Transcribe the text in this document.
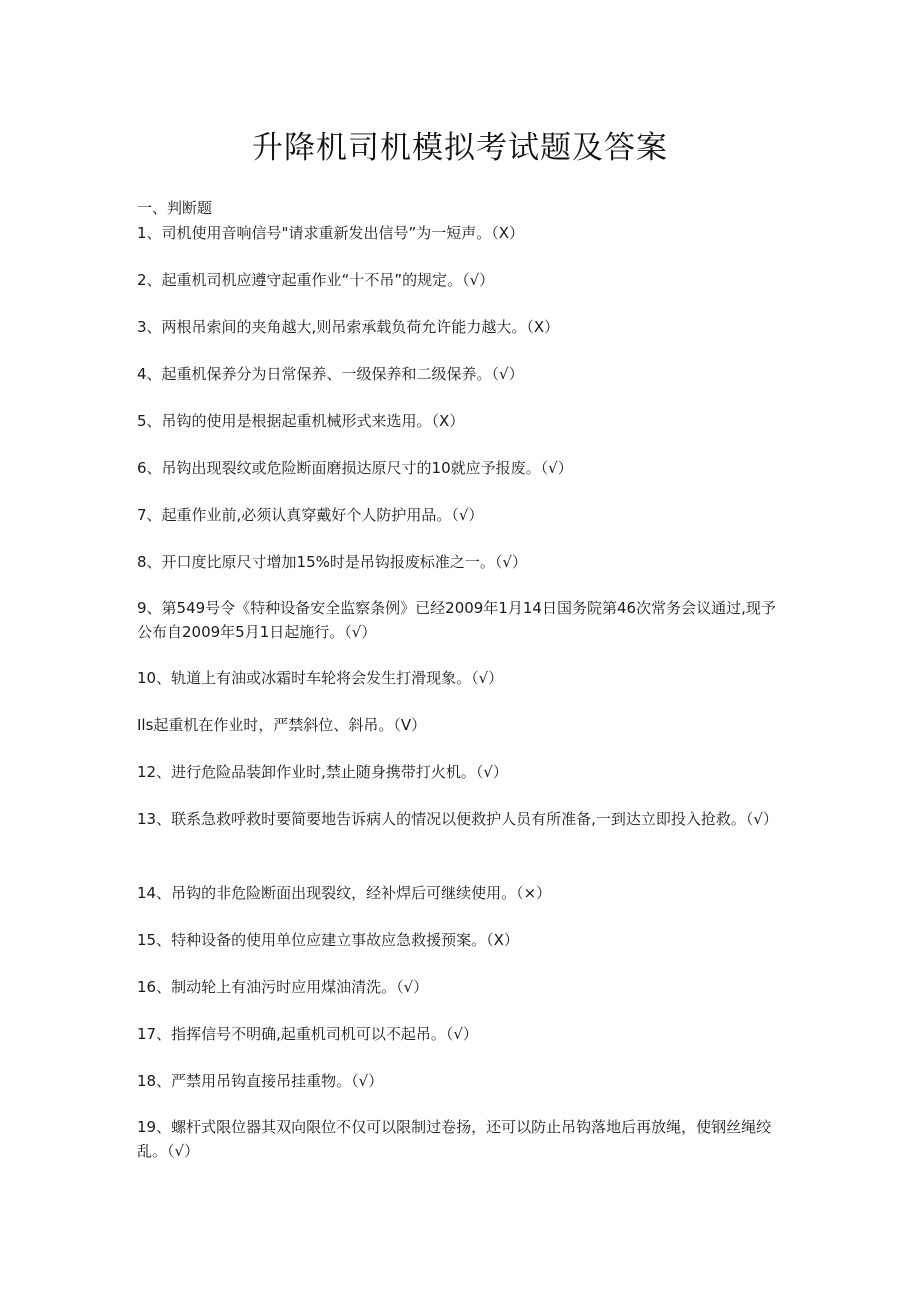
升降机司机模拟考试题及答案
一、判断题

1、司机使用音响信号"请求重新发出信号”为一短声。（X）

2、起重机司机应遵守起重作业“十不吊”的规定。（√）

3、两根吊索间的夹角越大,则吊索承载负荷允许能力越大。（X）

4、起重机保养分为日常保养、一级保养和二级保养。（√）

5、吊钩的使用是根据起重机械形式来选用。（X）

6、吊钩出现裂纹或危险断面磨损达原尺寸的10就应予报废。（√）

7、起重作业前,必须认真穿戴好个人防护用品。（√）

8、开口度比原尺寸增加15%时是吊钩报废标准之一。（√）

9、第549号令《特种设备安全监察条例》已经2009年1月14日国务院第46次常务会议通过,现予公布自2009年5月1日起施行。（√）

10、轨道上有油或冰霜时车轮将会发生打滑现象。（√）

Ils起重机在作业时，严禁斜位、斜吊。（V）

12、进行危险品装卸作业时,禁止随身携带打火机。（√）

13、联系急救呼救时要简要地告诉病人的情况以便救护人员有所准备,一到达立即投入抢救。（√）

14、吊钩的非危险断面出现裂纹，经补焊后可继续使用。（×）

15、特种设备的使用单位应建立事故应急救援预案。（X）

16、制动轮上有油污时应用煤油清洗。（√）

17、指挥信号不明确,起重机司机可以不起吊。（√）

18、严禁用吊钩直接吊挂重物。（√）

19、螺杆式限位器其双向限位不仅可以限制过卷扬，还可以防止吊钩落地后再放绳，使钢丝绳绞乱。（√）
